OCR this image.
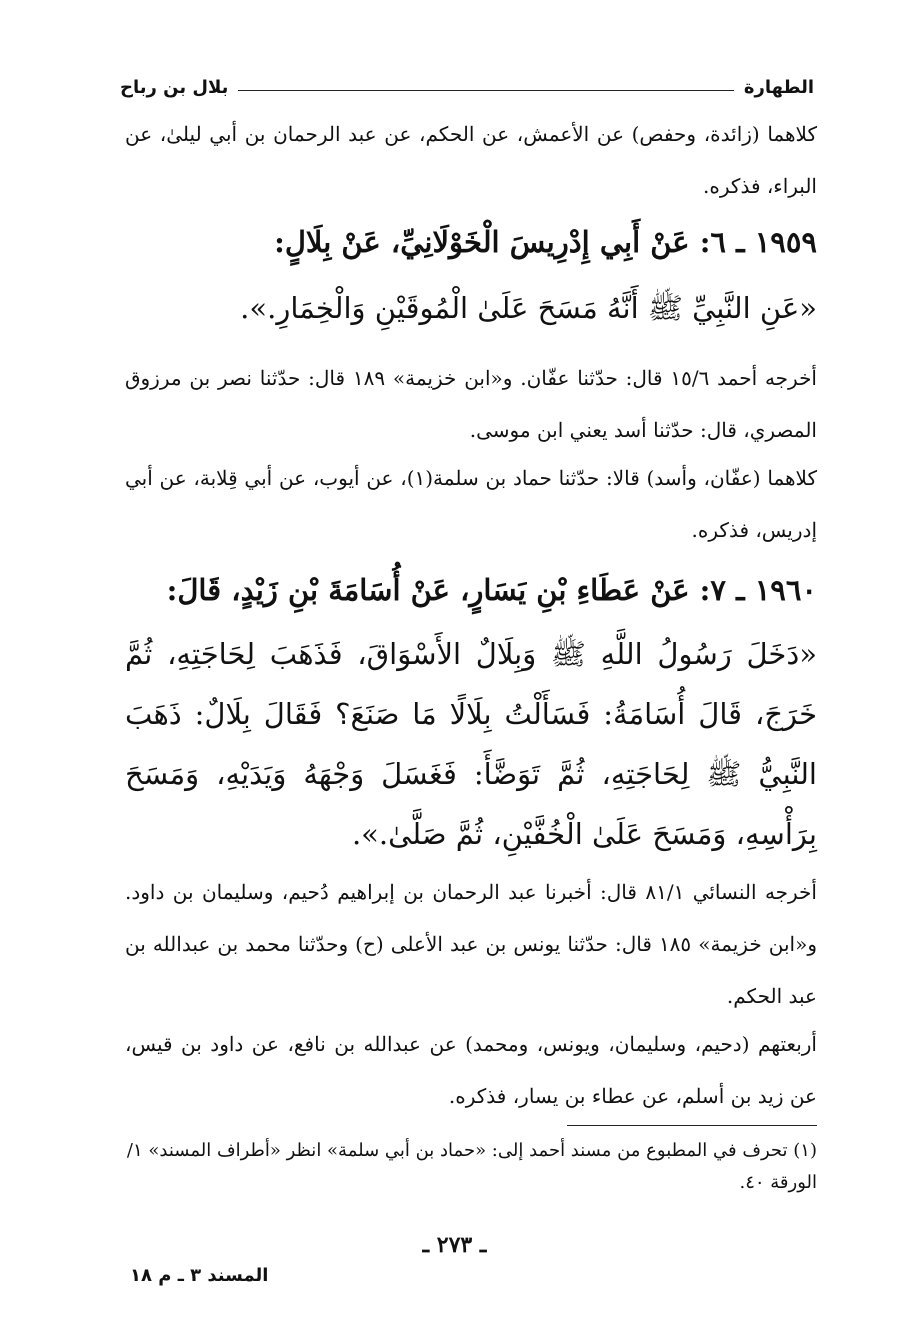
الطهارة
بلال بن رباح
كلاهما (زائدة، وحفص) عن الأعمش، عن الحكم، عن عبد الرحمان بن أبي ليلىٰ، عن البراء، فذكره.
١٩٥٩ ـ ٦: عَنْ أَبِي إِدْرِيسَ الْخَوْلَانِيِّ، عَنْ بِلَالٍ:
«عَنِ النَّبِيِّ ﷺ أَنَّهُ مَسَحَ عَلَىٰ الْمُوقَيْنِ وَالْخِمَارِ.».
أخرجه أحمد ١٥/٦ قال: حدّثنا عفّان. و«ابن خزيمة» ١٨٩ قال: حدّثنا نصر بن مرزوق المصري، قال: حدّثنا أسد يعني ابن موسى.
كلاهما (عفّان، وأسد) قالا: حدّثنا حماد بن سلمة(١)، عن أيوب، عن أبي قِلابة، عن أبي إدريس، فذكره.
١٩٦٠ ـ ٧: عَنْ عَطَاءِ بْنِ يَسَارٍ، عَنْ أُسَامَةَ بْنِ زَيْدٍ، قَالَ:
«دَخَلَ رَسُولُ اللَّهِ ﷺ وَبِلَالٌ الأَسْوَاقَ، فَذَهَبَ لِحَاجَتِهِ، ثُمَّ خَرَجَ، قَالَ أُسَامَةُ: فَسَأَلْتُ بِلَالًا مَا صَنَعَ؟ فَقَالَ بِلَالٌ: ذَهَبَ النَّبِيُّ ﷺ لِحَاجَتِهِ، ثُمَّ تَوَضَّأَ: فَغَسَلَ وَجْهَهُ وَيَدَيْهِ، وَمَسَحَ بِرَأْسِهِ، وَمَسَحَ عَلَىٰ الْخُفَّيْنِ، ثُمَّ صَلَّىٰ.».
أخرجه النسائي ٨١/١ قال: أخبرنا عبد الرحمان بن إبراهيم دُحيم، وسليمان بن داود. و«ابن خزيمة» ١٨٥ قال: حدّثنا يونس بن عبد الأعلى (ح) وحدّثنا محمد بن عبدالله بن عبد الحكم.
أربعتهم (دحيم، وسليمان، ويونس، ومحمد) عن عبدالله بن نافع، عن داود بن قيس، عن زيد بن أسلم، عن عطاء بن يسار، فذكره.
(١) تحرف في المطبوع من مسند أحمد إلى: «حماد بن أبي سلمة» انظر «أطراف المسند» ١/الورقة ٤٠.
ـ ٢٧٣ ـ
المسند ٣ ـ م ١٨
